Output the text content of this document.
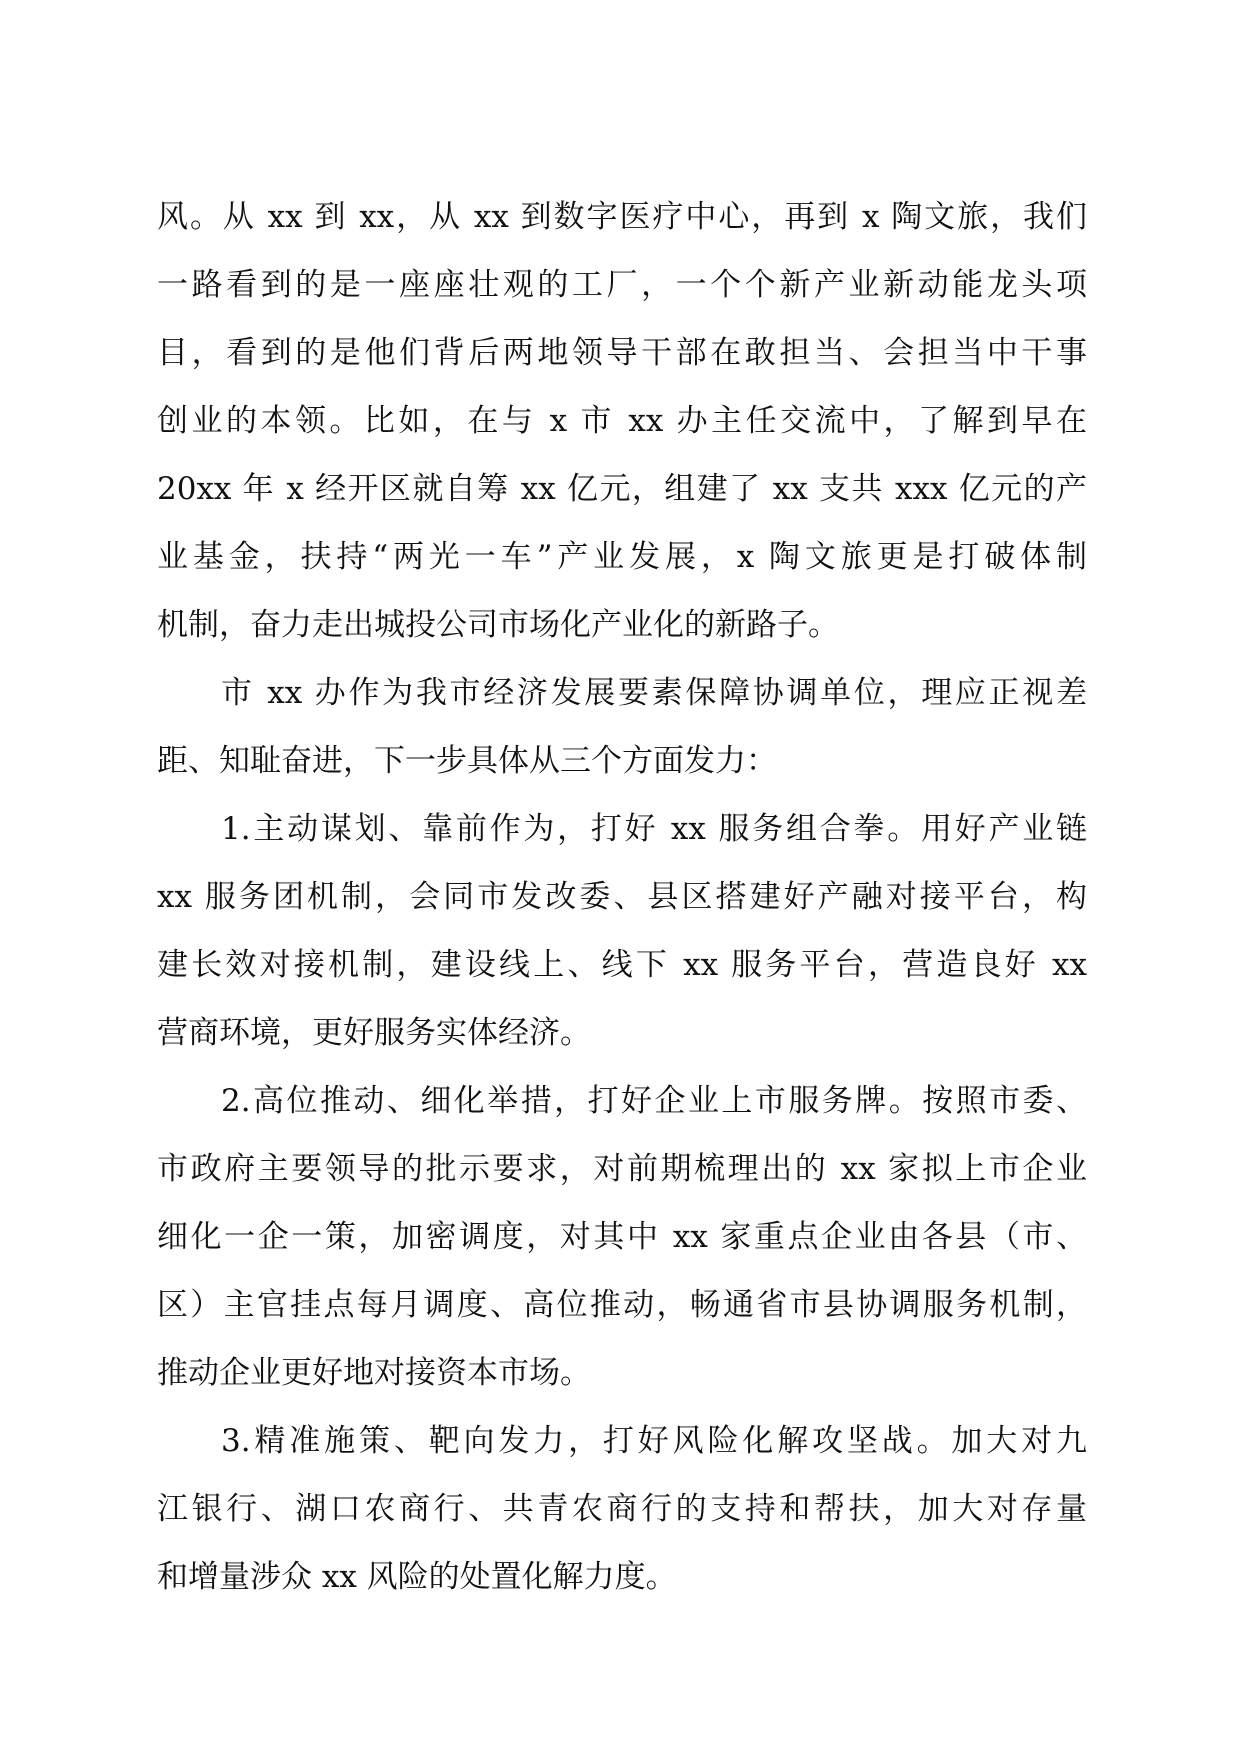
风。从 xx 到 xx，从 xx 到数字医疗中心，再到 x 陶文旅，我们
一路看到的是一座座壮观的工厂，一个个新产业新动能龙头项
目，看到的是他们背后两地领导干部在敢担当、会担当中干事
创业的本领。比如，在与 x 市 xx 办主任交流中，了解到早在
20xx 年 x 经开区就自筹 xx 亿元，组建了 xx 支共 xxx 亿元的产
业基金，扶持“两光一车”产业发展，x 陶文旅更是打破体制
机制，奋力走出城投公司市场化产业化的新路子。
市 xx 办作为我市经济发展要素保障协调单位，理应正视差
距、知耻奋进，下一步具体从三个方面发力：
1.主动谋划、靠前作为，打好 xx 服务组合拳。用好产业链
xx 服务团机制，会同市发改委、县区搭建好产融对接平台，构
建长效对接机制，建设线上、线下 xx 服务平台，营造良好 xx
营商环境，更好服务实体经济。
2.高位推动、细化举措，打好企业上市服务牌。按照市委、
市政府主要领导的批示要求，对前期梳理出的 xx 家拟上市企业
细化一企一策，加密调度，对其中 xx 家重点企业由各县（市、
区）主官挂点每月调度、高位推动，畅通省市县协调服务机制，
推动企业更好地对接资本市场。
3.精准施策、靶向发力，打好风险化解攻坚战。加大对九
江银行、湖口农商行、共青农商行的支持和帮扶，加大对存量
和增量涉众 xx 风险的处置化解力度。
